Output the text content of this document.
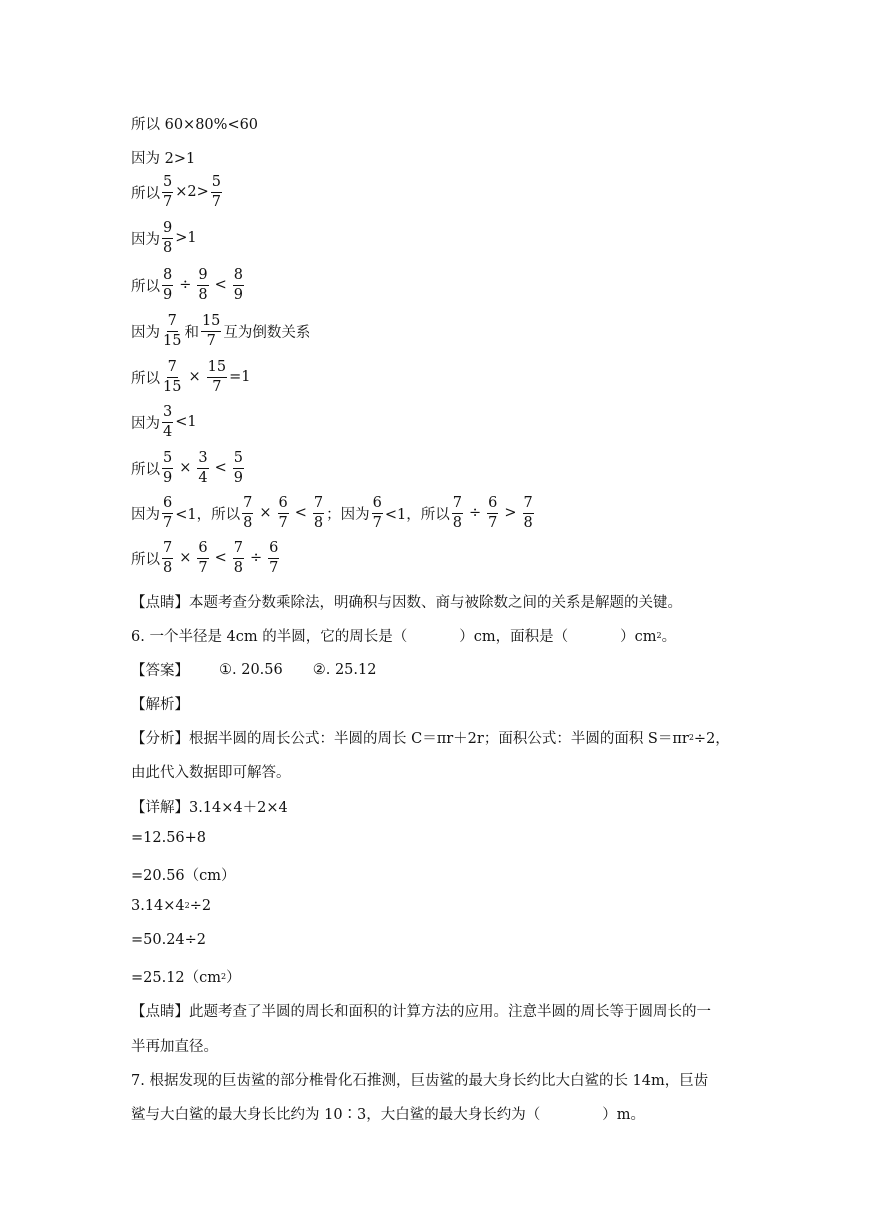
所以 60×80%<60
因为 2>1
所以 $\frac{5}{7} \times 2> \frac{5}{7}$
因为 $\frac{9}{8} >1$
所以 $\frac{8}{9} \div \frac{9}{8} < \frac{8}{9}$
因为 $\frac{7}{15}$ 和 $\frac{15}{7}$ 互为倒数关系
所以 $\frac{7}{15} \times \frac{15}{7} =1$
因为 $\frac{3}{4} <1$
所以 $\frac{5}{9} \times \frac{3}{4} < \frac{5}{9}$
因为 $\frac{6}{7} <1$，所以 $\frac{7}{8} \times \frac{6}{7} < \frac{7}{8}$ ；因为 $\frac{6}{7} <1$，所以 $\frac{7}{8} \div \frac{6}{7} > \frac{7}{8}$
所以 $\frac{7}{8} \times \frac{6}{7} < \frac{7}{8} \div \frac{6}{7}$
【点睛】本题考查分数乘除法，明确积与因数、商与被除数之间的关系是解题的关键。
6. 一个半径是 4cm 的半圆，它的周长是（	）cm，面积是（	）cm 2 。
【答案】 ①. 20.56 ②. 25.12
【解析】
【分析】根据半圆的周长公式：半圆的周长 C＝πr＋2r；面积公式：半圆的面积 S＝πr 2 ÷2，
由此代入数据即可解答。
【详解】3.14×4＋2×4
=12.56+8
=20.56（cm）
3.14×4 2 ÷2
=50.24÷2
=25.12（cm 2 ）
【点睛】此题考查了半圆的周长和面积的计算方法的应用。注意半圆的周长等于圆周长的一
半再加直径。
7. 根据发现的巨齿鲨的部分椎骨化石推测，巨齿鲨的最大身长约比大白鲨的长 14m，巨齿
鲨与大白鲨的最大身长比约为 10∶3，大白鲨的最大身长约为（	）m。
